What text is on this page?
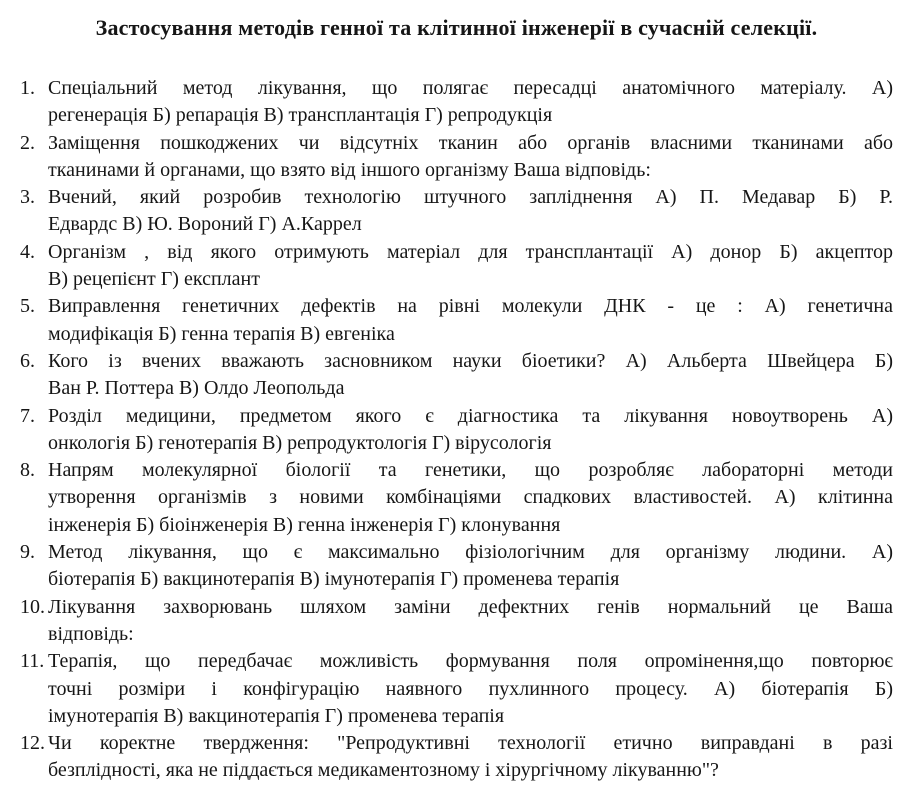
Застосування методів генної та клітинної інженерії в сучасній селекції.
1. Спеціальний метод лікування, що полягає пересадці анатомічного матеріалу. А)
регенерація Б) репарація В) трансплантація Г) репродукція
2. Заміщення пошкоджених чи відсутніх тканин або органів власними тканинами або
тканинами й органами, що взято від іншого організму Ваша відповідь:
3. Вчений, який розробив технологію штучного запліднення А) П. Медавар Б) Р.
Едвардс В) Ю. Вороний Г) А.Каррел
4. Організм , від якого отримують матеріал для трансплантації А) донор Б) акцептор
В) рецепієнт Г) експлант
5. Виправлення генетичних дефектів на рівні молекули ДНК - це : А) генетична
модифікація Б) генна терапія В) евгеніка
6. Кого із вчених вважають засновником науки біоетики? А) Альберта Швейцера Б)
Ван Р. Поттера В) Олдо Леопольда
7. Розділ медицини, предметом якого є діагностика та лікування новоутворень А)
онкологія Б) генотерапія В) репродуктологія Г) вірусологія
8. Напрям молекулярної біології та генетики, що розробляє лабораторні методи
утворення організмів з новими комбінаціями спадкових властивостей. А) клітинна
інженерія Б) біоінженерія В) генна інженерія Г) клонування
9. Метод лікування, що є максимально фізіологічним для організму людини. А)
біотерапія Б) вакцинотерапія В) імунотерапія Г) променева терапія
10. Лікування захворювань шляхом заміни дефектних генів нормальний це Ваша
відповідь:
11. Терапія, що передбачає можливість формування поля опромінення,що повторює
точні розміри і конфігурацію наявного пухлинного процесу. А) біотерапія Б)
імунотерапія В) вакцинотерапія Г) променева терапія
12. Чи коректне твердження: "Репродуктивні технології етично виправдані в разі
безплідності, яка не піддається медикаментозному і хірургічному лікуванню"?
